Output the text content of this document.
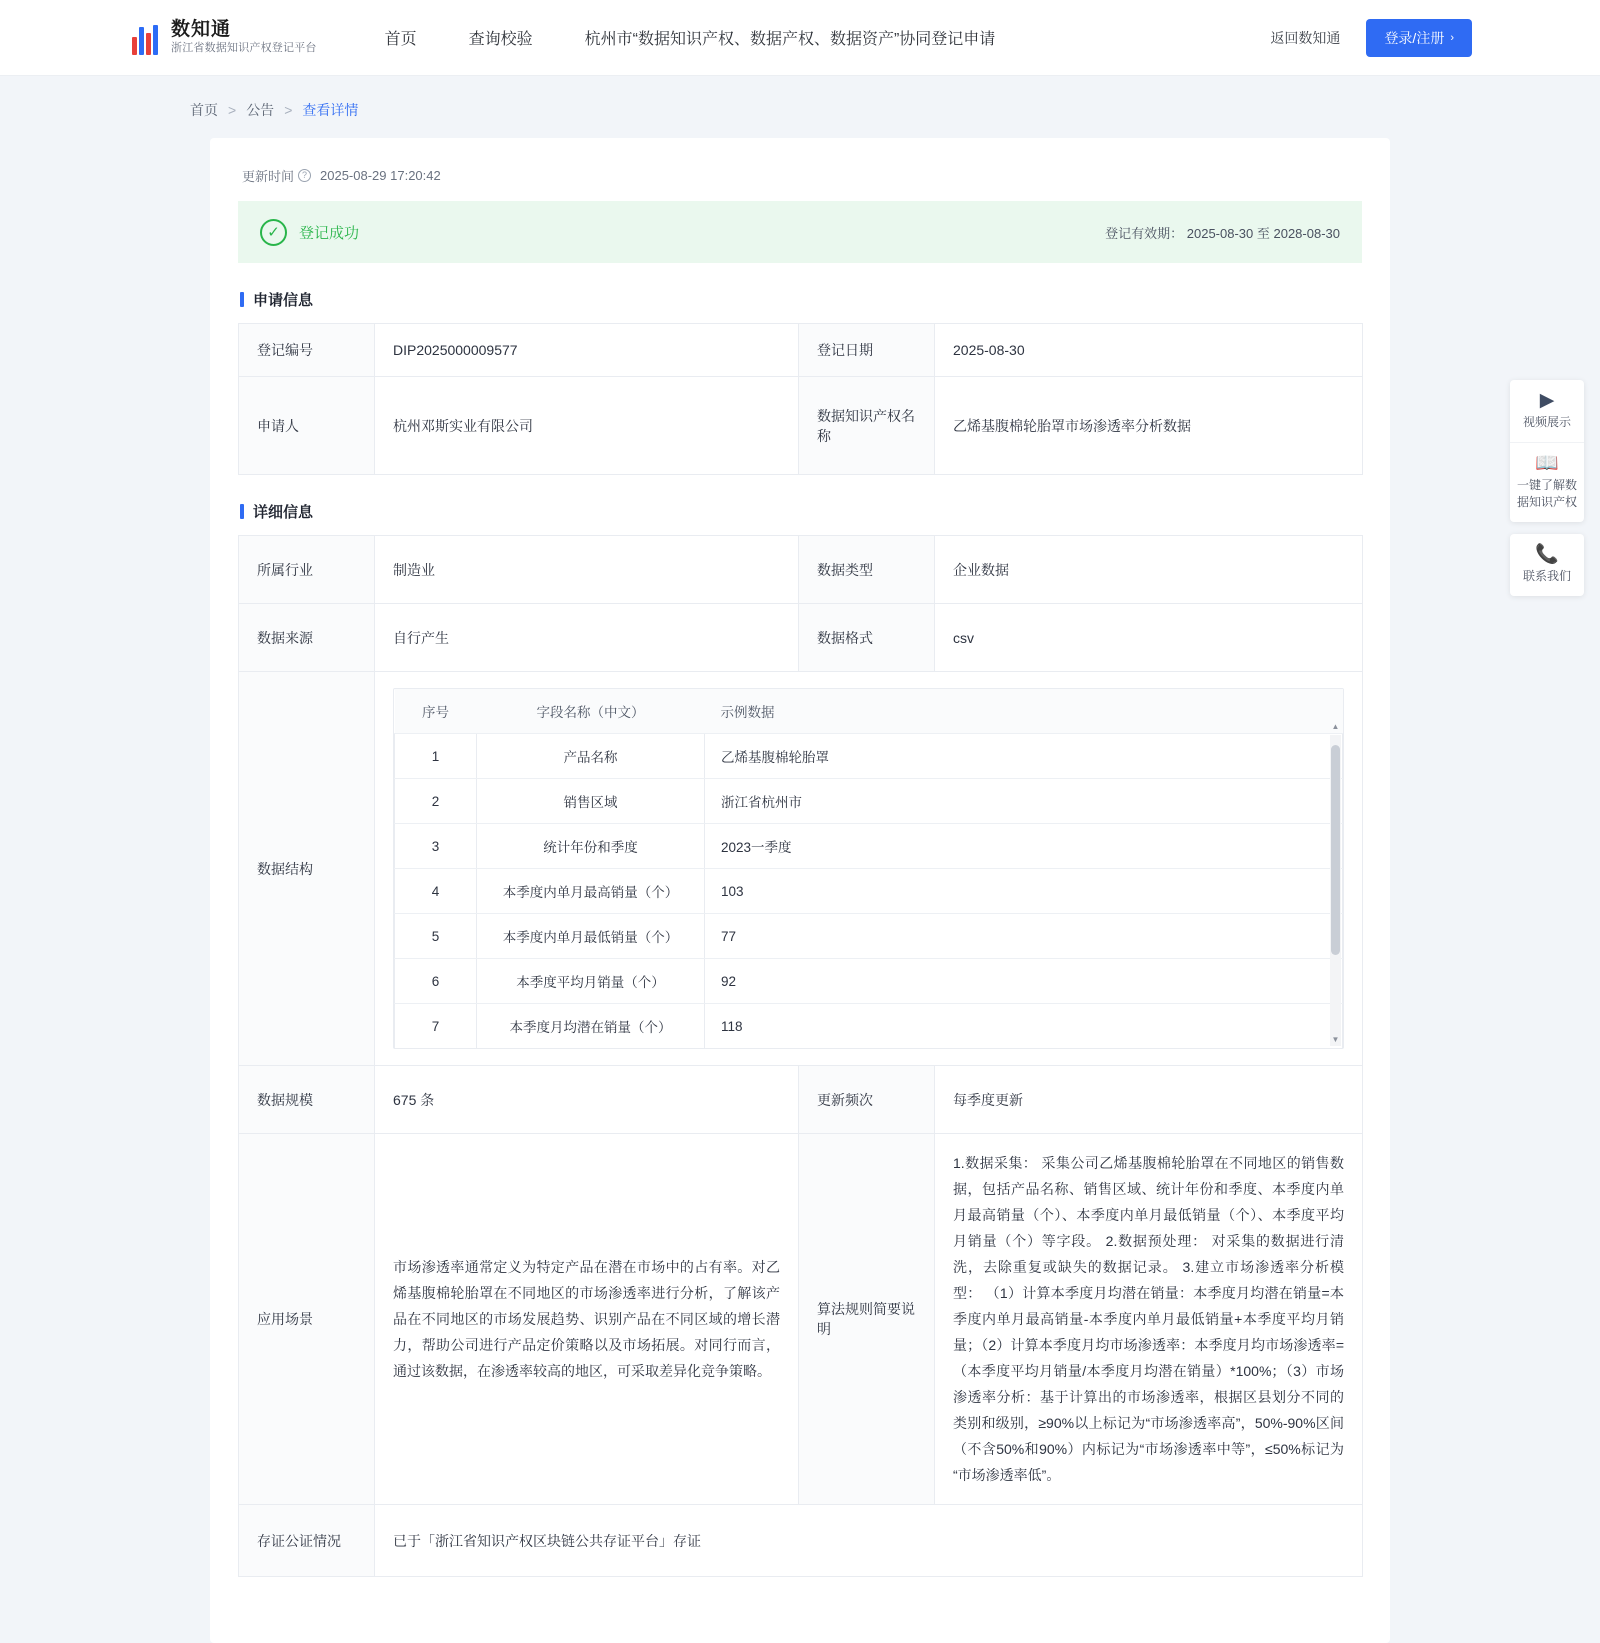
数知通
浙江省数据知识产权登记平台	首页	查询校验	杭州市“数据知识产权、数据产权、数据资产”协同登记申请	返回数知通	登录/注册 ›
首页 > 公告 > 查看详情
更新时间 ?	2025-08-29 17:20:42
✓	登记成功	登记有效期： 2025-08-30 至 2028-08-30
申请信息
登记编号	DIP2025000009577	登记日期	2025-08-30
申请人	杭州邓斯实业有限公司	数据知识产权名称	乙烯基腹棉轮胎罩市场渗透率分析数据
详细信息
所属行业	制造业	数据类型	企业数据
数据来源	自行产生	数据格式	csv
数据结构	
序号	字段名称（中文）	示例数据
1	产品名称	乙烯基腹棉轮胎罩
2	销售区域	浙江省杭州市
3	统计年份和季度	2023一季度
4	本季度内单月最高销量（个）	103
5	本季度内单月最低销量（个）	77
6	本季度平均月销量（个）	92
7	本季度月均潜在销量（个）	118
▲
▼

数据规模	675 条	更新频次	每季度更新
应用场景	市场渗透率通常定义为特定产品在潜在市场中的占有率。对乙烯基腹棉轮胎罩在不同地区的市场渗透率进行分析，了解该产品在不同地区的市场发展趋势、识别产品在不同区域的增长潜力，帮助公司进行产品定价策略以及市场拓展。对同行而言，通过该数据，在渗透率较高的地区，可采取差异化竞争策略。	算法规则简要说明	1.数据采集： 采集公司乙烯基腹棉轮胎罩在不同地区的销售数据，包括产品名称、销售区域、统计年份和季度、本季度内单月最高销量（个）、本季度内单月最低销量（个）、本季度平均月销量（个）等字段。 2.数据预处理： 对采集的数据进行清洗，去除重复或缺失的数据记录。 3.建立市场渗透率分析模型： （1）计算本季度月均潜在销量：本季度月均潜在销量=本季度内单月最高销量-本季度内单月最低销量+本季度平均月销量；（2）计算本季度月均市场渗透率：本季度月均市场渗透率=（本季度平均月销量/本季度月均潜在销量）*100%；（3）市场渗透率分析：基于计算出的市场渗透率，根据区县划分不同的类别和级别，≥90%以上标记为“市场渗透率高”，50%-90%区间（不含50%和90%）内标记为“市场渗透率中等”，≤50%标记为“市场渗透率低”。
存证公证情况	已于「浙江省知识产权区块链公共存证平台」存证
▶
视频展示
📖
一键了解数据知识产权
📞
联系我们
